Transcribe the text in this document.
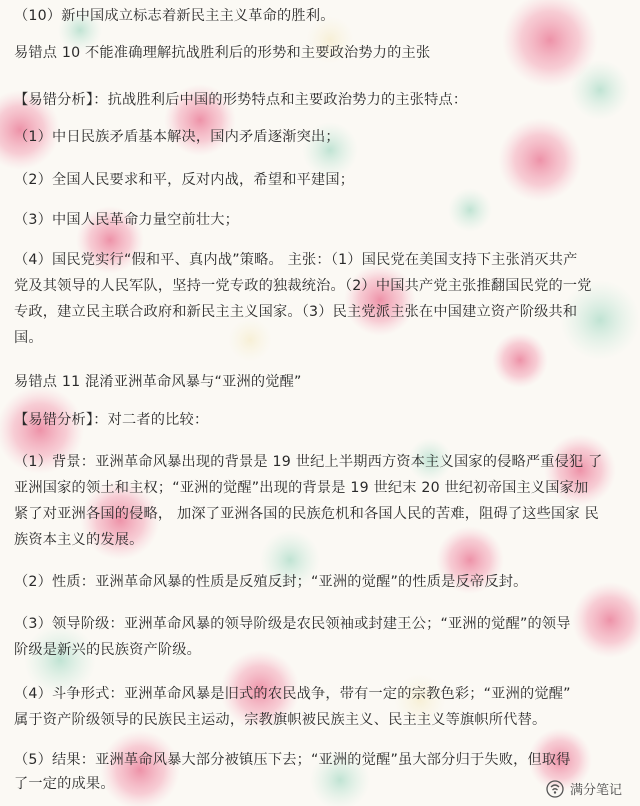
（10）新中国成立标志着新民主主义革命的胜利。
易错点 10 不能准确理解抗战胜利后的形势和主要政治势力的主张
【易错分析】：抗战胜利后中国的形势特点和主要政治势力的主张特点：
（1）中日民族矛盾基本解决，国内矛盾逐渐突出；
（2）全国人民要求和平，反对内战，希望和平建国；
（3）中国人民革命力量空前壮大；
（4）国民党实行“假和平、真内战”策略。 主张：（1）国民党在美国支持下主张消灭共产
党及其领导的人民军队，坚持一党专政的独裁统治。（2）中国共产党主张推翻国民党的一党
专政，建立民主联合政府和新民主主义国家。（3）民主党派主张在中国建立资产阶级共和
国。
易错点 11 混淆亚洲革命风暴与“亚洲的觉醒”
【易错分析】：对二者的比较：
（1）背景：亚洲革命风暴出现的背景是 19 世纪上半期西方资本主义国家的侵略严重侵犯 了
亚洲国家的领土和主权；“亚洲的觉醒”出现的背景是 19 世纪末 20 世纪初帝国主义国家加
紧了对亚洲各国的侵略， 加深了亚洲各国的民族危机和各国人民的苦难，阻碍了这些国家 民
族资本主义的发展。
（2）性质：亚洲革命风暴的性质是反殖反封；“亚洲的觉醒”的性质是反帝反封。
（3）领导阶级：亚洲革命风暴的领导阶级是农民领袖或封建王公；“亚洲的觉醒”的领导
阶级是新兴的民族资产阶级。
（4）斗争形式：亚洲革命风暴是旧式的农民战争，带有一定的宗教色彩；“亚洲的觉醒”
属于资产阶级领导的民族民主运动，宗教旗帜被民族主义、民主主义等旗帜所代替。
（5）结果：亚洲革命风暴大部分被镇压下去；“亚洲的觉醒”虽大部分归于失败，但取得
了一定的成果。	满分笔记
